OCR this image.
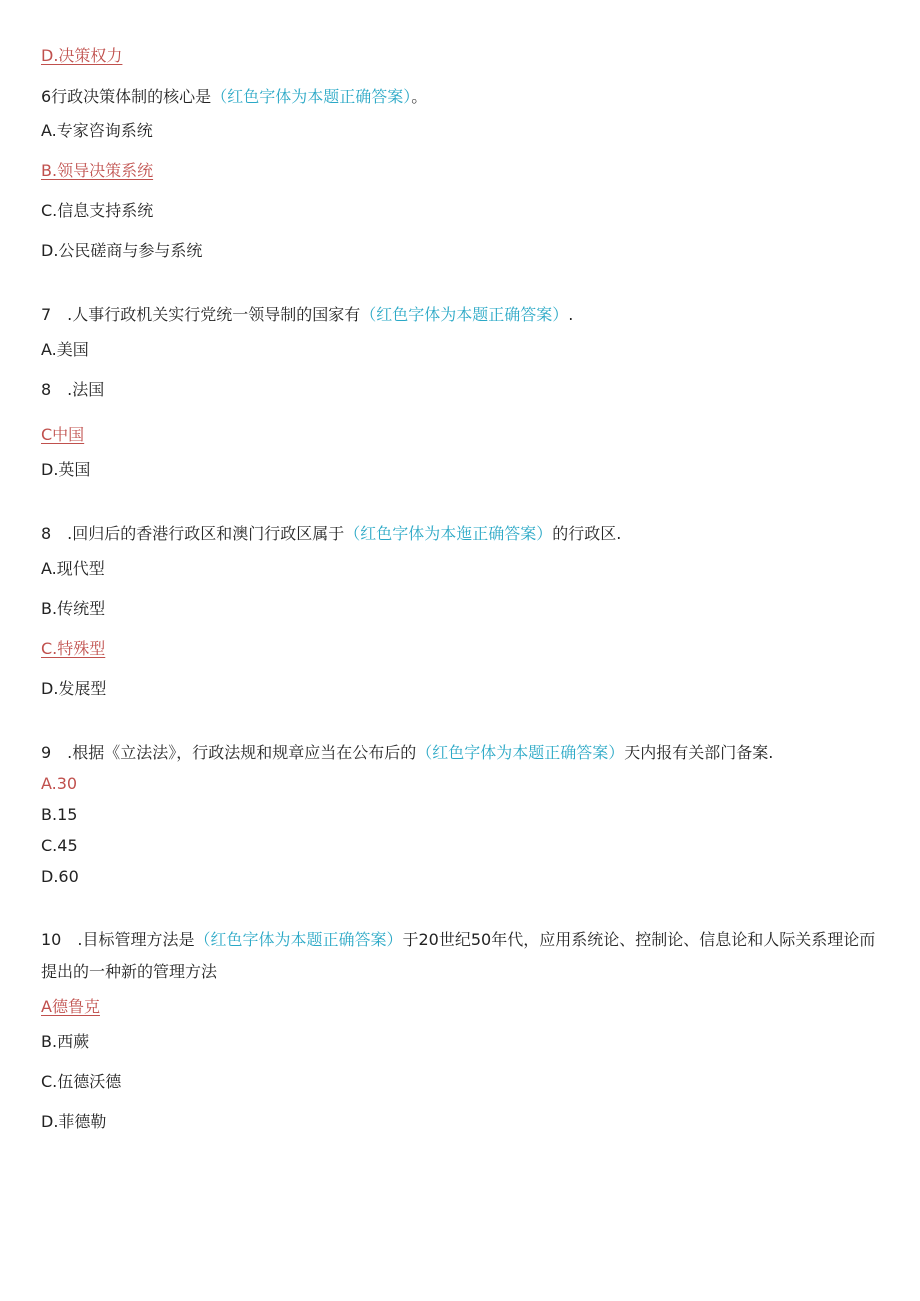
D.决策权力
6行政决策体制的核心是（红色字体为本题正确答案）。
A.专家咨询系统
B.领导决策系统
C.信息支持系统
D.公民磋商与参与系统
7　.人事行政机关实行党统一领导制的国家有（红色字体为本题正确答案）.
A.美国
8　.法国
C中国
D.英国
8　.回归后的香港行政区和澳门行政区属于（红色字体为本迤正确答案）的行政区.
A.现代型
B.传统型
C.特殊型
D.发展型
9　.根据《立法法》，行政法规和规章应当在公布后的（红色字体为本题正确答案）天内报有关部门备案.
A.30
B.15
C.45
D.60
10　.目标管理方法是（红色字体为本题正确答案）于20世纪50年代，应用系统论、控制论、信息论和人际关系理论而提出的一种新的管理方法
A德鲁克
B.西蕨
C.伍德沃德
D.菲德勒
